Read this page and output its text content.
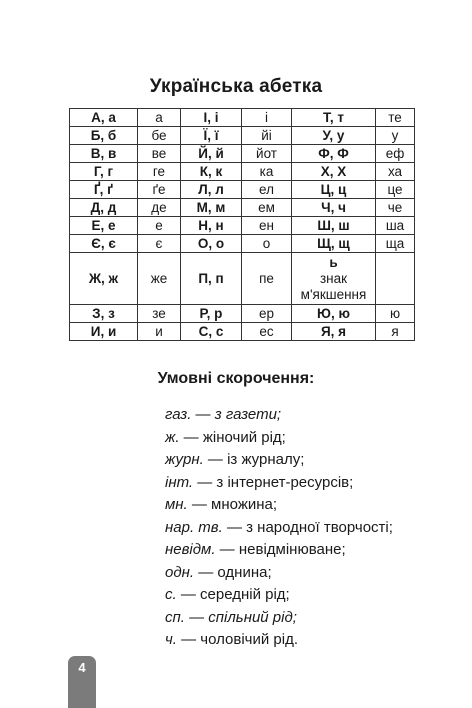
Українська абетка
А, а	а	І, і	і	Т, т	те
Б, б	бе	Ї, ї	йі	У, у	у
В, в	ве	Й, й	йот	Ф, Ф	еф
Г, г	ге	К, к	ка	Х, Х	ха
Ґ, ґ	ґе	Л, л	ел	Ц, ц	це
Д, д	де	М, м	ем	Ч, ч	че
Е, е	е	Н, н	ен	Ш, ш	ша
Є, є	є	О, о	о	Щ, щ	ща
Ж, ж	же	П, п	пе	ь
знак м'якшення	
З, з	зе	Р, р	ер	Ю, ю	ю
И, и	и	С, с	ес	Я, я	я
Умовні скорочення:
газ. — з газети;
ж. — жіночий рід;
журн. — із журналу;
інт. — з інтернет-ресурсів;
мн. — множина;
нар. тв. — з народної творчості;
невідм. — невідмінюване;
одн. — однина;
с. — середній рід;
сп. — спільний рід;
ч. — чоловічий рід.
4
